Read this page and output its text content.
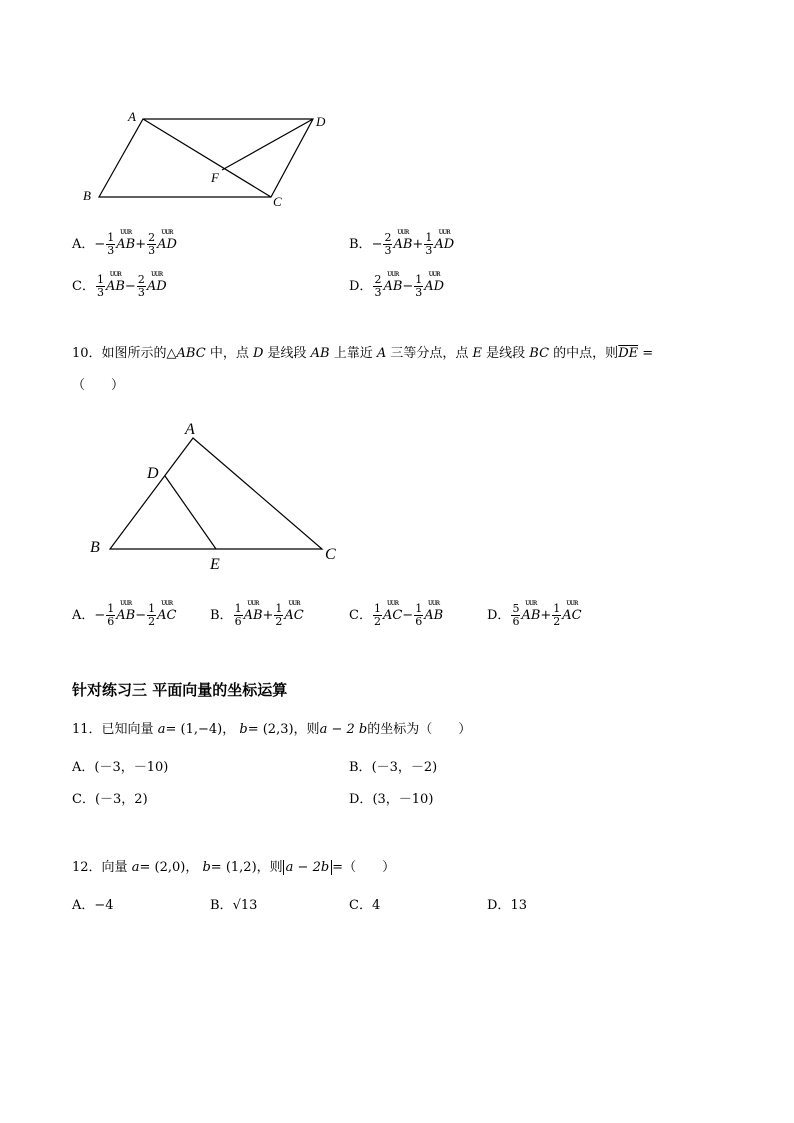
A	D
B	C
F
A． − $\frac{1}{3}$
ᴜᴜʀ
AB + $\frac{2}{3}$
ᴜᴜʀ
AD	B． − $\frac{2}{3}$
ᴜᴜʀ
AB + $\frac{1}{3}$
ᴜᴜʀ
AD
C． $\frac{1}{3}$
ᴜᴜʀ
AB − $\frac{2}{3}$
ᴜᴜʀ
AD	D． $\frac{2}{3}$
ᴜᴜʀ
AB − $\frac{1}{3}$
ᴜᴜʀ
AD
10．如图所示的△ABC 中，点 D 是线段 AB 上靠近 A 三等分点，点 E 是线段 BC 的中点，则$\overline{DE}$ =
（　　）
A
D
B	C
E
A． − $\frac{1}{6}$
ᴜᴜʀ
AB − $\frac{1}{2}$
ᴜᴜʀ
AC	B． $\frac{1}{6}$
ᴜᴜʀ
AB + $\frac{1}{2}$
ᴜᴜʀ
AC	C． $\frac{1}{2}$
ᴜᴜʀ
AC − $\frac{1}{6}$
ᴜᴜʀ
AB	D． $\frac{5}{6}$
ᴜᴜʀ
AB + $\frac{1}{2}$
ᴜᴜʀ
AC
针对练习三 平面向量的坐标运算
11．已知向量 a= (1,−4)， b= (2,3)，则a − 2 b的坐标为（　　）
A．(－3，－10)	B．(－3，－2)
C．(－3，2)	D．(3，－10)
12．向量 a= (2,0)， b= (1,2)，则 a − 2b =（　　）
A．−4	B．√13	C．4	D．13
